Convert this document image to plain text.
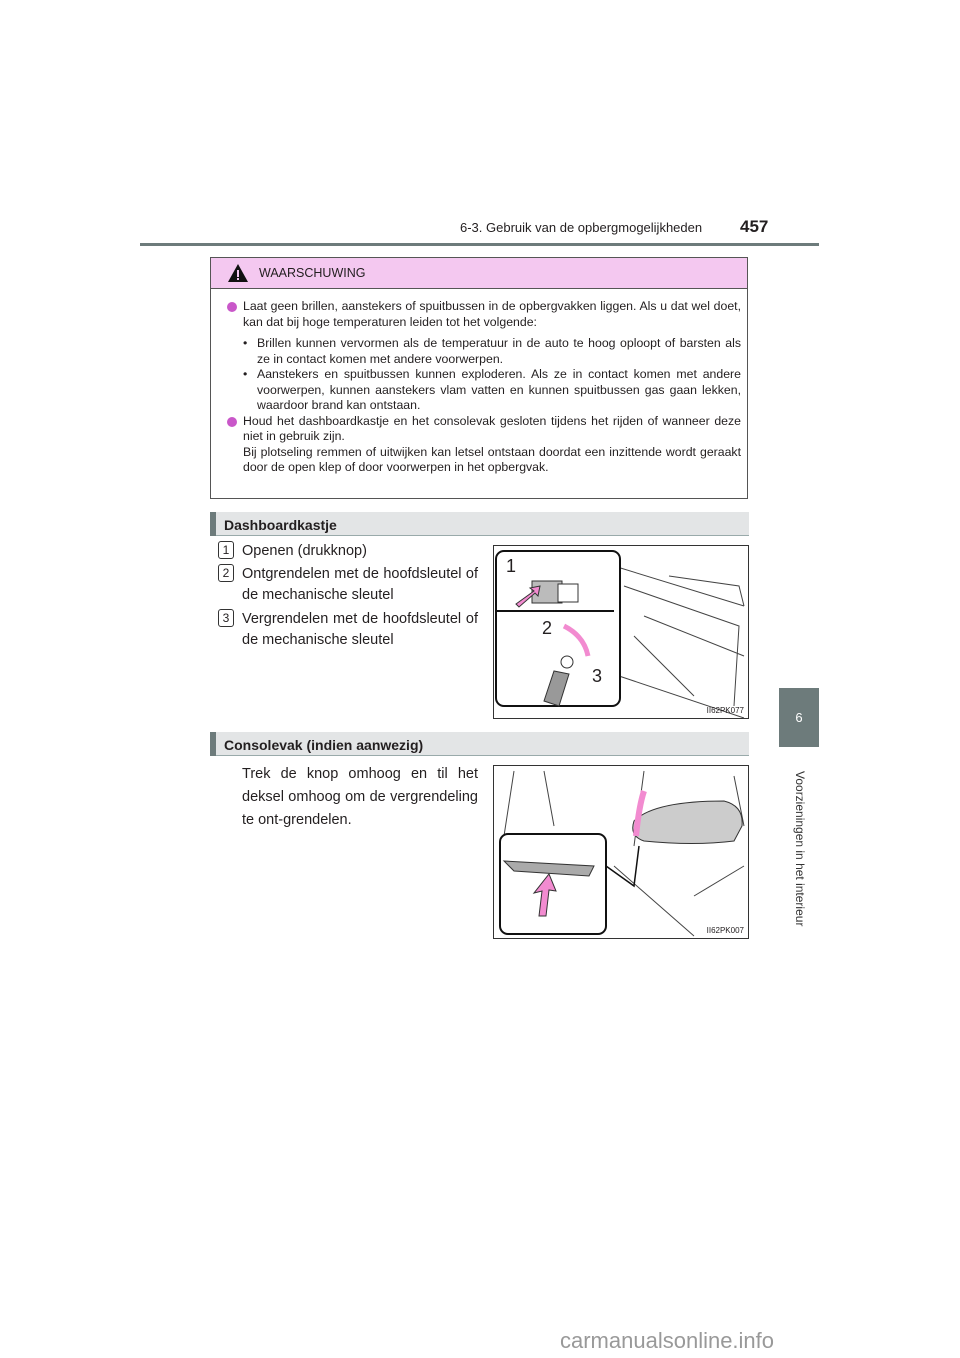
6-3. Gebruik van de opbergmogelijkheden 457
6
Voorzieningen in het interieur
WAARSCHUWING
Laat geen brillen, aanstekers of spuitbussen in de opbergvakken liggen. Als u dat wel doet, kan dat bij hoge temperaturen leiden tot het volgende:
• Brillen kunnen vervormen als de temperatuur in de auto te hoog oploopt of barsten als ze in contact komen met andere voorwerpen.
• Aanstekers en spuitbussen kunnen exploderen. Als ze in contact komen met andere voorwerpen, kunnen aanstekers vlam vatten en kunnen spuitbussen gas gaan lekken, waardoor brand kan ontstaan.
Houd het dashboardkastje en het consolevak gesloten tijdens het rijden of wanneer deze niet in gebruik zijn.
Bij plotseling remmen of uitwijken kan letsel ontstaan doordat een inzittende wordt geraakt door de open klep of door voorwerpen in het opbergvak.
Dashboardkastje
1 Openen (drukknop)
2 Ontgrendelen met de hoofdsleutel of de mechanische sleutel
3 Vergrendelen met de hoofdsleutel of de mechanische sleutel
1
2
3
II62PK077
Consolevak (indien aanwezig)
Trek de knop omhoog en til het deksel omhoog om de vergrendeling te ont-grendelen.
II62PK007
carmanualsonline.info
